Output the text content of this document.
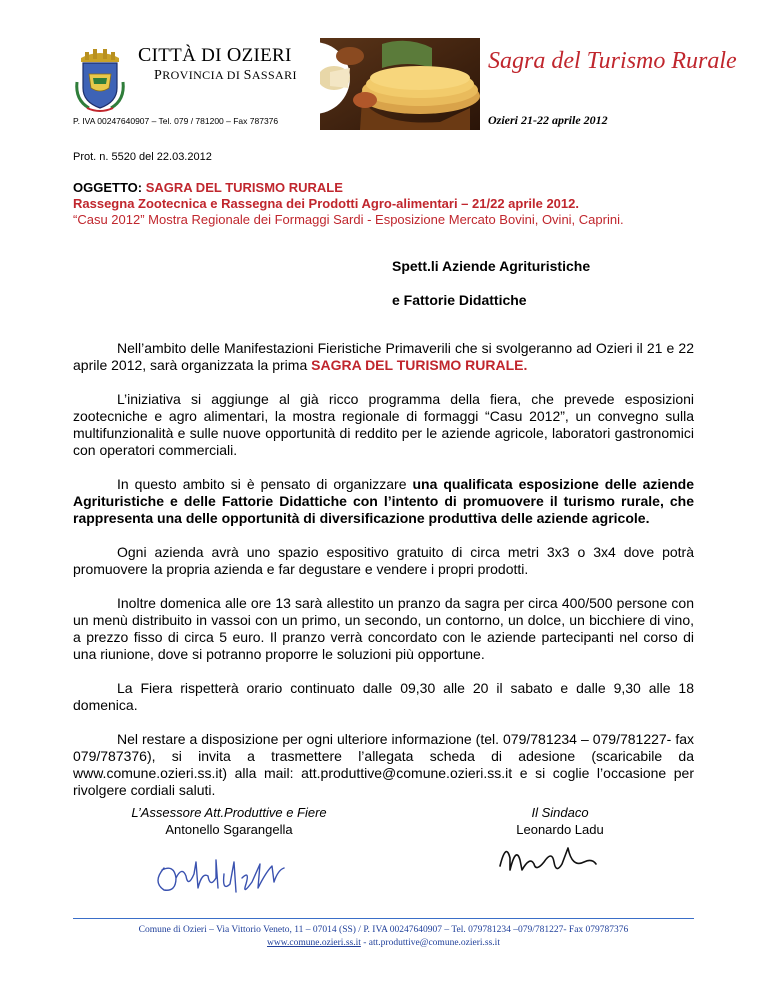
CITTÀ DI OZIERI
PROVINCIA DI SASSARI
P. IVA 00247640907 – Tel. 079 / 781200 – Fax 787376
Sagra del Turismo Rurale
Ozieri 21-22 aprile 2012
Prot. n. 5520 del 22.03.2012
OGGETTO: SAGRA DEL TURISMO RURALE
Rassegna Zootecnica e Rassegna dei Prodotti Agro-alimentari – 21/22 aprile 2012.
“Casu 2012” Mostra Regionale dei Formaggi Sardi - Esposizione Mercato Bovini, Ovini, Caprini.
Spett.li Aziende Agrituristiche
e Fattorie Didattiche
Nell’ambito delle Manifestazioni Fieristiche Primaverili che si svolgeranno ad Ozieri il 21 e 22 aprile 2012, sarà organizzata la prima SAGRA DEL TURISMO RURALE.
L’iniziativa si aggiunge al già ricco programma della fiera, che prevede esposizioni zootecniche e agro alimentari, la mostra regionale di formaggi “Casu 2012”, un convegno sulla multifunzionalità e sulle nuove opportunità di reddito per le aziende agricole, laboratori gastronomici con operatori commerciali.
In questo ambito si è pensato di organizzare una qualificata esposizione delle aziende Agrituristiche e delle Fattorie Didattiche con l’intento di promuovere il turismo rurale, che rappresenta una delle opportunità di diversificazione produttiva delle aziende agricole.
Ogni azienda avrà uno spazio espositivo gratuito di circa metri 3x3 o 3x4 dove potrà promuovere la propria azienda e far degustare e vendere i propri prodotti.
Inoltre domenica alle ore 13 sarà allestito un pranzo da sagra per circa 400/500 persone con un menù distribuito in vassoi con un primo, un secondo, un contorno, un dolce, un bicchiere di vino, a prezzo fisso di circa 5 euro. Il pranzo verrà concordato con le aziende partecipanti nel corso di una riunione, dove si potranno proporre le soluzioni più opportune.
La Fiera rispetterà orario continuato dalle 09,30 alle 20 il sabato e dalle 9,30 alle 18 domenica.
Nel restare a disposizione per ogni ulteriore informazione (tel. 079/781234 – 079/781227- fax 079/787376), si invita a trasmettere l’allegata scheda di adesione (scaricabile da www.comune.ozieri.ss.it) alla mail: att.produttive@comune.ozieri.ss.it e si coglie l’occasione per rivolgere cordiali saluti.
L’Assessore Att.Produttive e Fiere
Antonello Sgarangella
Il Sindaco
Leonardo Ladu
Comune di Ozieri – Via Vittorio Veneto, 11 – 07014 (SS) / P. IVA 00247640907 – Tel. 079781234 –079/781227- Fax 079787376
www.comune.ozieri.ss.it - att.produttive@comune.ozieri.ss.it
